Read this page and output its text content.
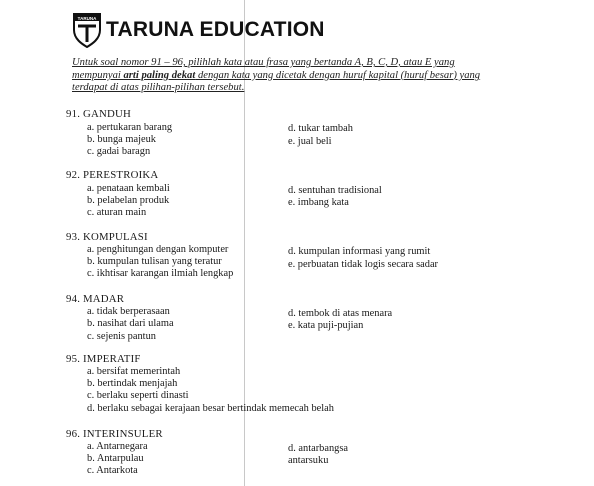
TARUNA TARUNA EDUCATION
Untuk soal nomor 91 – 96, pilihlah kata atau frasa yang bertanda A, B, C, D, atau E yang mempunyai arti paling dekat dengan kata yang dicetak dengan huruf kapital (huruf besar) yang terdapat di atas pilihan-pilihan tersebut.
91. GANDUH
a. pertukaran barang
b. bunga majeuk
c. gadai baragn
d. tukar tambah
e. jual beli
92. PERESTROIKA
a. penataan kembali
b. pelabelan produk
c. aturan main
d. sentuhan tradisional
e. imbang kata
93. KOMPULASI
a. penghitungan dengan komputer
b. kumpulan tulisan yang teratur
c. ikhtisar karangan ilmiah lengkap
d. kumpulan informasi yang rumit
e. perbuatan tidak logis secara sadar
94. MADAR
a. tidak berperasaan
b. nasihat dari ulama
c. sejenis pantun
d. tembok di atas menara
e. kata puji-pujian
95. IMPERATIF
a. bersifat memerintah
b. bertindak menjajah
c. berlaku seperti dinasti
d. berlaku sebagai kerajaan besar bertindak memecah belah
96. INTERINSULER
a. Antarnegara
b. Antarpulau
c. Antarkota
d. antarbangsa
antarsuku
